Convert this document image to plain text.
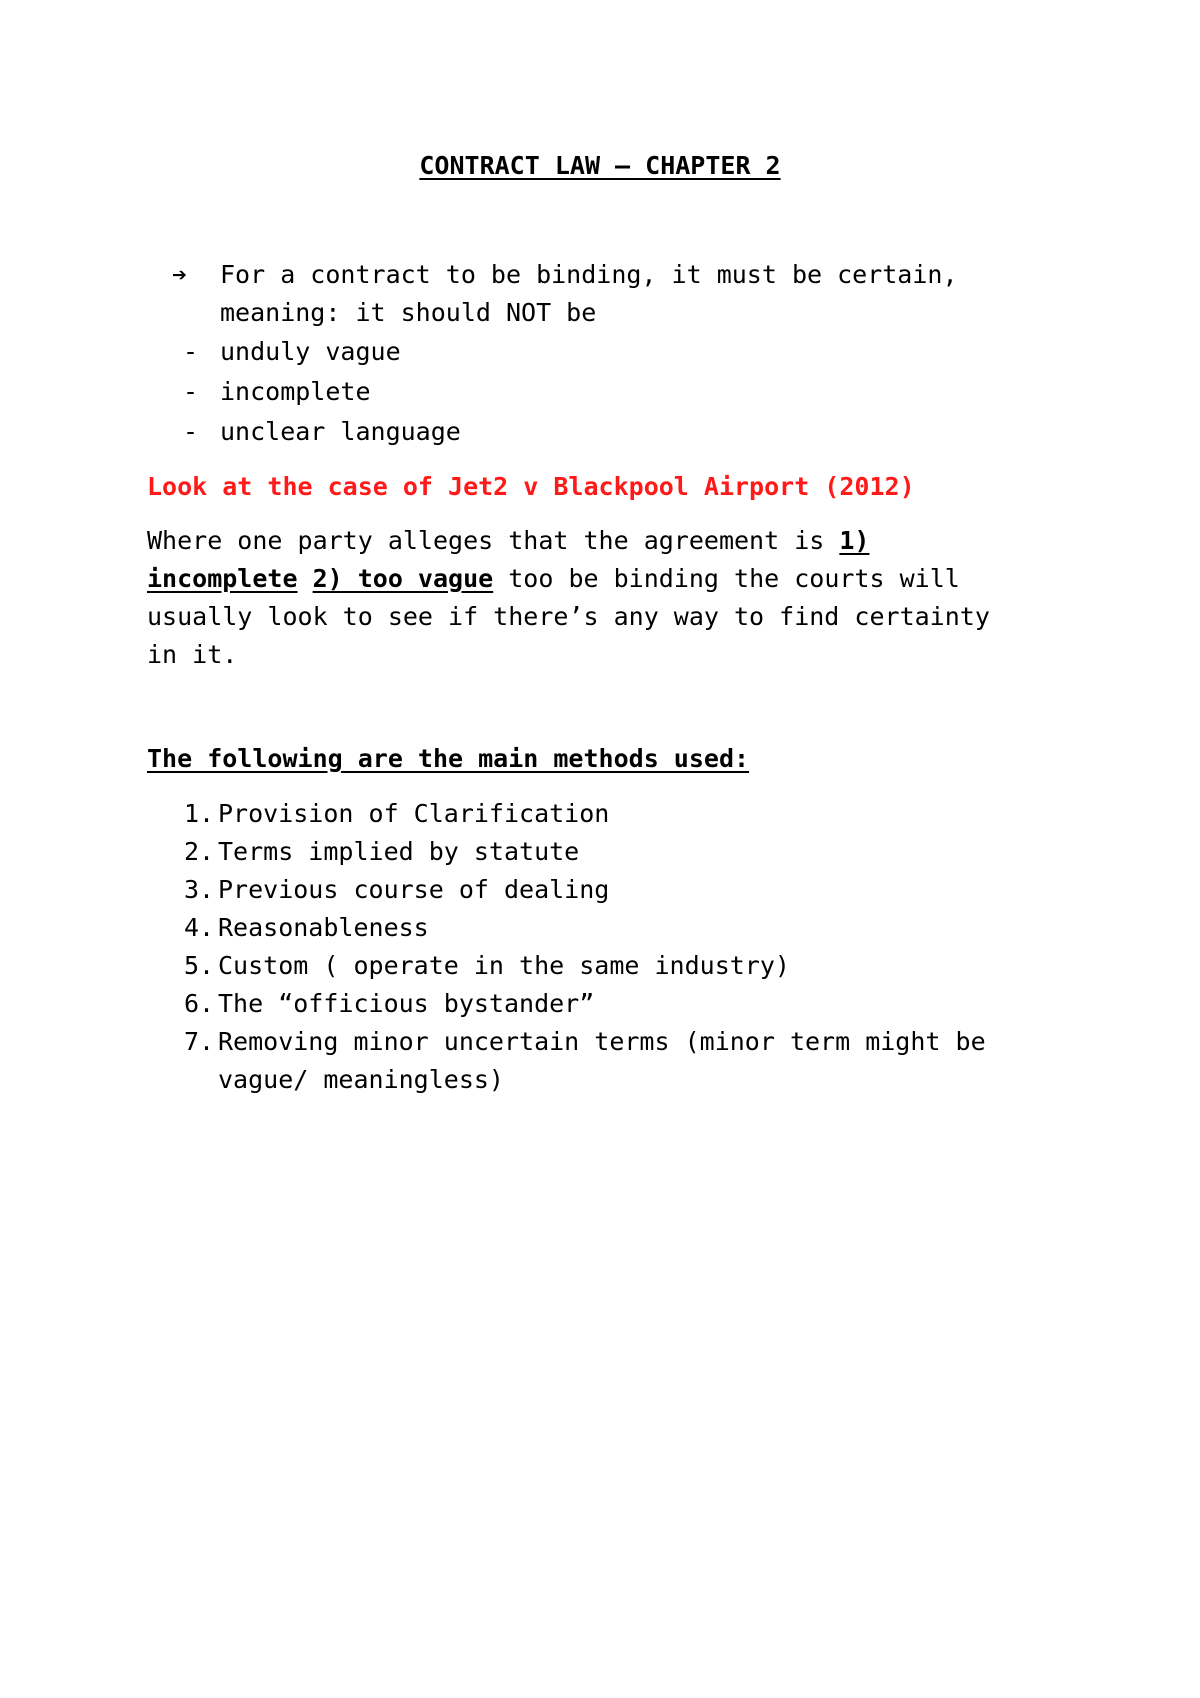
CONTRACT LAW – CHAPTER 2
➔ For a contract to be binding, it must be certain,
meaning: it should NOT be
- unduly vague
- incomplete
- unclear language
Look at the case of Jet2 v Blackpool Airport (2012)
Where one party alleges that the agreement is 1)
incomplete 2) too vague too be binding the courts will
usually look to see if there’s any way to find certainty
in it.
The following are the main methods used:
1. Provision of Clarification
2. Terms implied by statute
3. Previous course of dealing
4. Reasonableness
5. Custom ( operate in the same industry)
6. The “officious bystander”
7. Removing minor uncertain terms (minor term might be
vague/ meaningless)
